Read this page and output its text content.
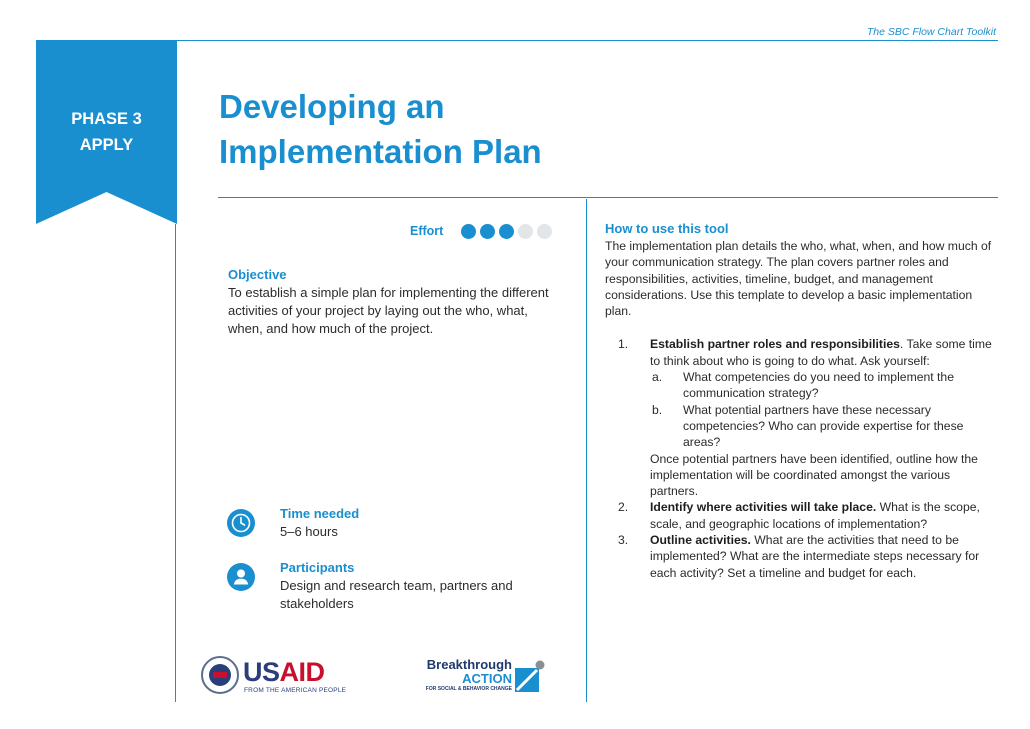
The SBC Flow Chart Toolkit
PHASE 3
APPLY
Developing an Implementation Plan
Effort
Objective
To establish a simple plan for implementing the different activities of your project by laying out the who, what, when, and how much of the project.
Time needed
5–6 hours
Participants
Design and research team, partners and stakeholders
USAID
FROM THE AMERICAN PEOPLE
Breakthrough
ACTION
FOR SOCIAL & BEHAVIOR CHANGE
How to use this tool
The implementation plan details the who, what, when, and how much of your communication strategy. The plan covers partner roles and responsibilities, activities, timeline, budget, and management considerations. Use this template to develop a basic implementation plan.
1.	Establish partner roles and responsibilities. Take some time to think about who is going to do what. Ask yourself:
a.	What competencies do you need to implement the communication strategy?
b.	What potential partners have these necessary competencies? Who can provide expertise for these areas?
Once potential partners have been identified, outline how the implementation will be coordinated amongst the various partners.
2.	Identify where activities will take place. What is the scope, scale, and geographic locations of implementation?
3.	Outline activities. What are the activities that need to be implemented? What are the intermediate steps necessary for each activity? Set a timeline and budget for each.
